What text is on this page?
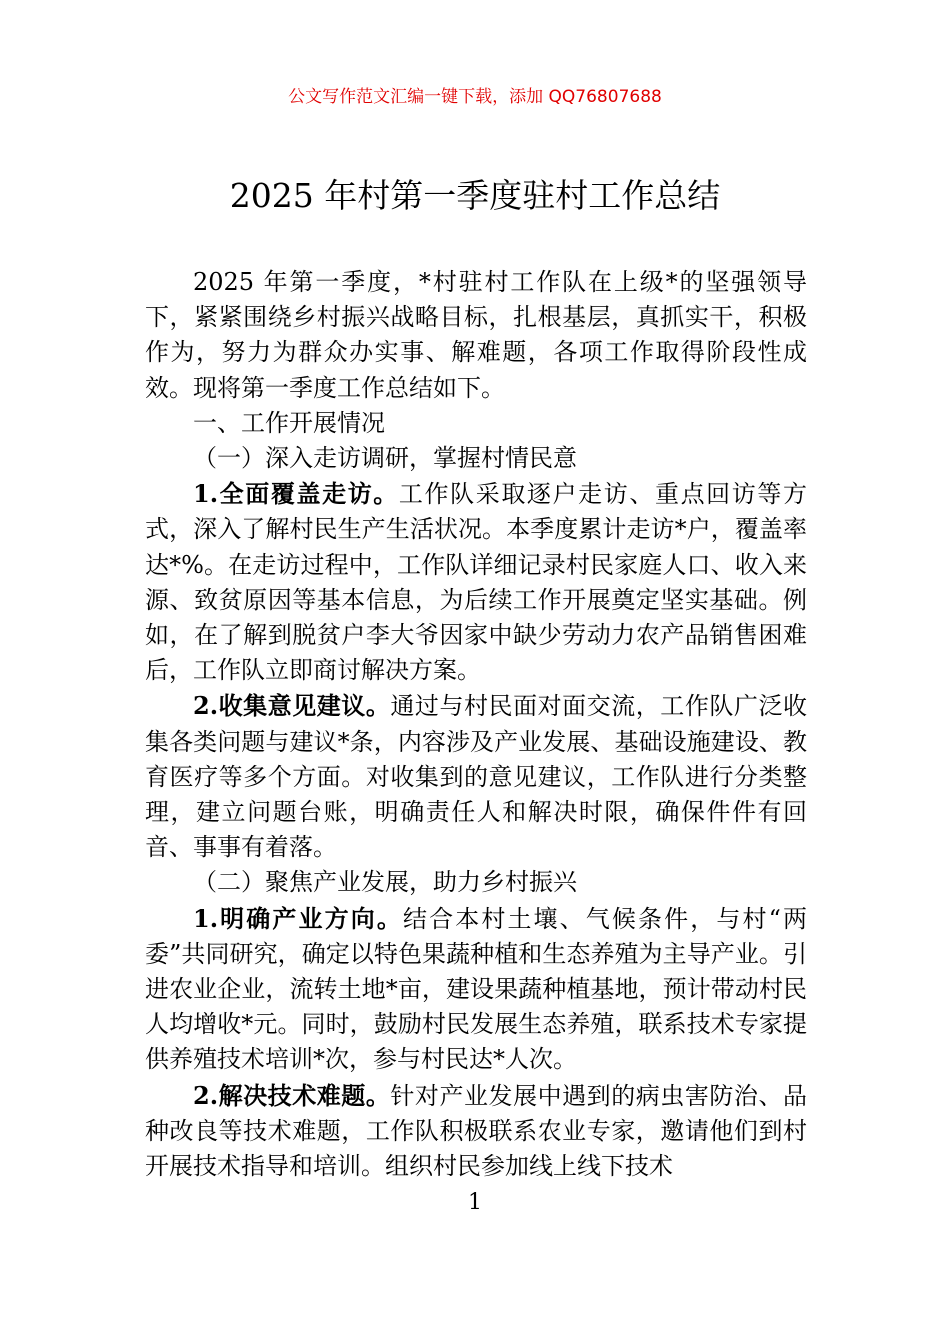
公文写作范文汇编一键下载，添加 QQ76807688
2025 年村第一季度驻村工作总结

2025 年第一季度，*村驻村工作队在上级*的坚强领导下，紧紧围绕乡村振兴战略目标，扎根基层，真抓实干，积极作为，努力为群众办实事、解难题，各项工作取得阶段性成效。现将第一季度工作总结如下。

一、工作开展情况

（一）深入走访调研，掌握村情民意

1.全面覆盖走访。工作队采取逐户走访、重点回访等方式，深入了解村民生产生活状况。本季度累计走访*户，覆盖率达*%。在走访过程中，工作队详细记录村民家庭人口、收入来源、致贫原因等基本信息，为后续工作开展奠定坚实基础。例如，在了解到脱贫户李大爷因家中缺少劳动力农产品销售困难后，工作队立即商讨解决方案。

2.收集意见建议。通过与村民面对面交流，工作队广泛收集各类问题与建议*条，内容涉及产业发展、基础设施建设、教育医疗等多个方面。对收集到的意见建议，工作队进行分类整理，建立问题台账，明确责任人和解决时限，确保件件有回音、事事有着落。

（二）聚焦产业发展，助力乡村振兴

1.明确产业方向。结合本村土壤、气候条件，与村“两委”共同研究，确定以特色果蔬种植和生态养殖为主导产业。引进农业企业，流转土地*亩，建设果蔬种植基地，预计带动村民人均增收*元。同时，鼓励村民发展生态养殖，联系技术专家提供养殖技术培训*次，参与村民达*人次。

2.解决技术难题。针对产业发展中遇到的病虫害防治、品种改良等技术难题，工作队积极联系农业专家，邀请他们到村开展技术指导和培训。组织村民参加线上线下技术

1
